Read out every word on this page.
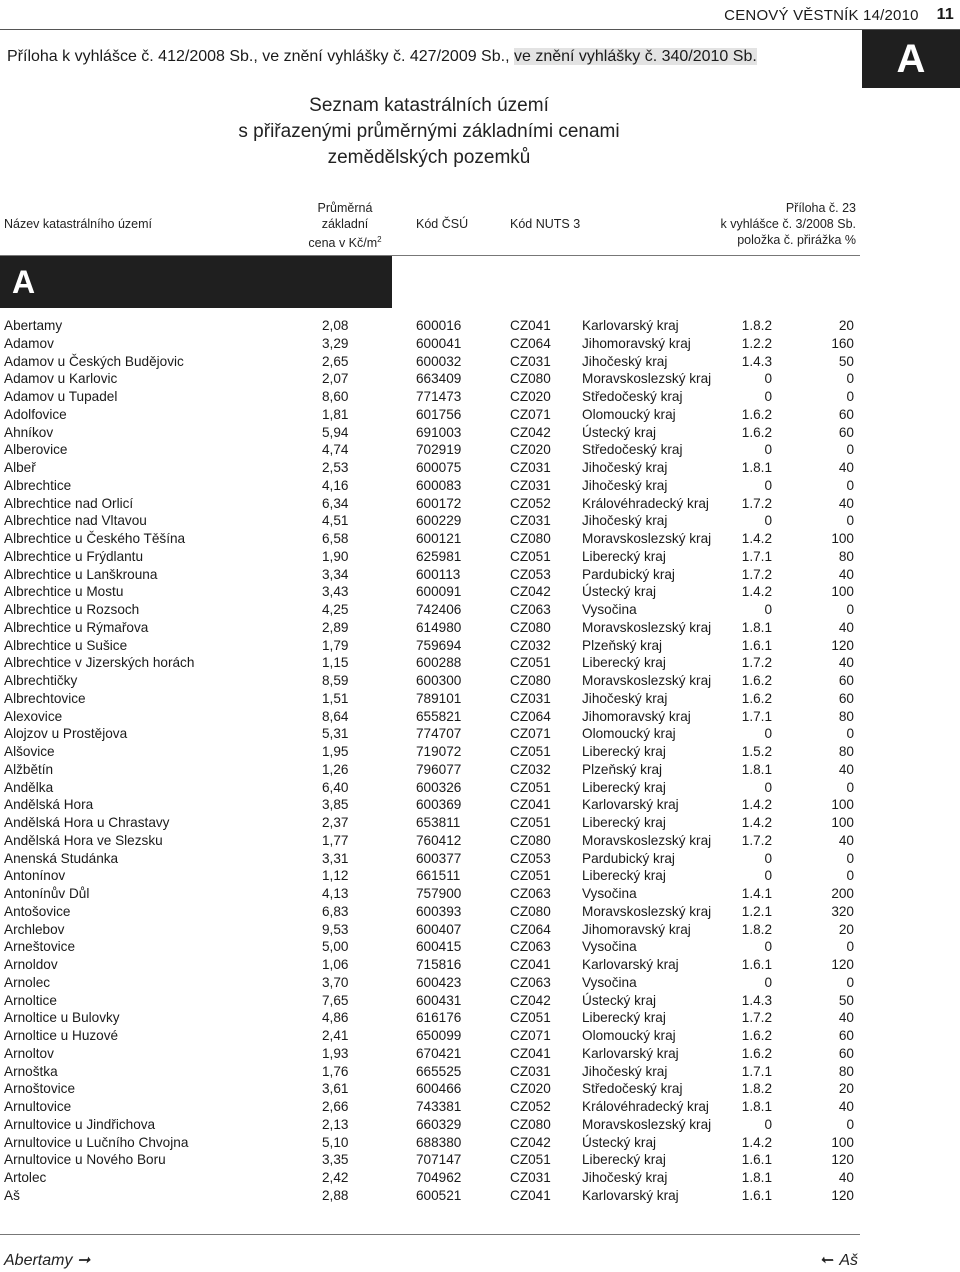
CENOVÝ VĚSTNÍK 14/2010	11
Příloha k vyhlášce č. 412/2008 Sb., ve znění vyhlášky č. 427/2009 Sb., ve znění vyhlášky č. 340/2010 Sb.	A
Seznam katastrálních území
s přiřazenými průměrnými základními cenami
zemědělských pozemků
Název katastrálního území
Průměrná
základní
cena v $Kč/m^2$
Kód ČSÚ	Kód NUTS 3
Příloha č. 23
k vyhlášce č. 3/2008 Sb.
položka č. přirážka %
A
Abertamy	2,08	600016	CZ041 Karlovarský kraj	1.8.2	20
Adamov	3,29	600041	CZ064 Jihomoravský kraj	1.2.2	160
Adamov u Českých Budějovic	2,65	600032	CZ031 Jihočeský kraj	1.4.3	50
Adamov u Karlovic	2,07	663409	CZ080 Moravskoslezský kraj	0	0
Adamov u Tupadel	8,60	771473	CZ020 Středočeský kraj	0	0
Adolfovice	1,81	601756	CZ071 Olomoucký kraj	1.6.2	60
Ahníkov	5,94	691003	CZ042 Ústecký kraj	1.6.2	60
Alberovice	4,74	702919	CZ020 Středočeský kraj	0	0
Albeř	2,53	600075	CZ031 Jihočeský kraj	1.8.1	40
Albrechtice	4,16	600083	CZ031 Jihočeský kraj	0	0
Albrechtice nad Orlicí	6,34	600172	CZ052 Královéhradecký kraj 1.7.2	40
Albrechtice nad Vltavou	4,51	600229	CZ031 Jihočeský kraj	0	0
Albrechtice u Českého Těšína	6,58	600121	CZ080 Moravskoslezský kraj 1.4.2	100
Albrechtice u Frýdlantu	1,90	625981	CZ051 Liberecký kraj	1.7.1	80
Albrechtice u Lanškrouna	3,34	600113	CZ053 Pardubický kraj	1.7.2	40
Albrechtice u Mostu	3,43	600091	CZ042 Ústecký kraj	1.4.2	100
Albrechtice u Rozsoch	4,25	742406	CZ063 Vysočina	0	0
Albrechtice u Rýmařova	2,89	614980	CZ080 Moravskoslezský kraj 1.8.1	40
Albrechtice u Sušice	1,79	759694	CZ032 Plzeňský kraj	1.6.1	120
Albrechtice v Jizerských horách	1,15	600288	CZ051 Liberecký kraj	1.7.2	40
Albrechtičky	8,59	600300	CZ080 Moravskoslezský kraj 1.6.2	60
Albrechtovice	1,51	789101	CZ031 Jihočeský kraj	1.6.2	60
Alexovice	8,64	655821	CZ064 Jihomoravský kraj	1.7.1	80
Alojzov u Prostějova	5,31	774707	CZ071 Olomoucký kraj	0	0
Alšovice	1,95	719072	CZ051 Liberecký kraj	1.5.2	80
Alžbětín	1,26	796077	CZ032 Plzeňský kraj	1.8.1	40
Andělka	6,40	600326	CZ051 Liberecký kraj	0	0
Andělská Hora	3,85	600369	CZ041 Karlovarský kraj	1.4.2	100
Andělská Hora u Chrastavy	2,37	653811	CZ051 Liberecký kraj	1.4.2	100
Andělská Hora ve Slezsku	1,77	760412	CZ080 Moravskoslezský kraj 1.7.2	40
Anenská Studánka	3,31	600377	CZ053 Pardubický kraj	0	0
Antonínov	1,12	661511	CZ051 Liberecký kraj	0	0
Antonínův Důl	4,13	757900	CZ063 Vysočina	1.4.1	200
Antošovice	6,83	600393	CZ080 Moravskoslezský kraj 1.2.1	320
Archlebov	9,53	600407	CZ064 Jihomoravský kraj	1.8.2	20
Arneštovice	5,00	600415	CZ063 Vysočina	0	0
Arnoldov	1,06	715816	CZ041 Karlovarský kraj	1.6.1	120
Arnolec	3,70	600423	CZ063 Vysočina	0	0
Arnoltice	7,65	600431	CZ042 Ústecký kraj	1.4.3	50
Arnoltice u Bulovky	4,86	616176	CZ051 Liberecký kraj	1.7.2	40
Arnoltice u Huzové	2,41	650099	CZ071 Olomoucký kraj	1.6.2	60
Arnoltov	1,93	670421	CZ041 Karlovarský kraj	1.6.2	60
Arnoštka	1,76	665525	CZ031 Jihočeský kraj	1.7.1	80
Arnoštovice	3,61	600466	CZ020 Středočeský kraj	1.8.2	20
Arnultovice	2,66	743381	CZ052 Královéhradecký kraj 1.8.1	40
Arnultovice u Jindřichova	2,13	660329	CZ080 Moravskoslezský kraj	0	0
Arnultovice u Lučního Chvojna	5,10	688380	CZ042 Ústecký kraj	1.4.2	100
Arnultovice u Nového Boru	3,35	707147	CZ051 Liberecký kraj	1.6.1	120
Artolec	2,42	704962	CZ031 Jihočeský kraj	1.8.1	40
Aš	2,88	600521	CZ041 Karlovarský kraj	1.6.1	120
Abertamy ➞	➞ Aš
